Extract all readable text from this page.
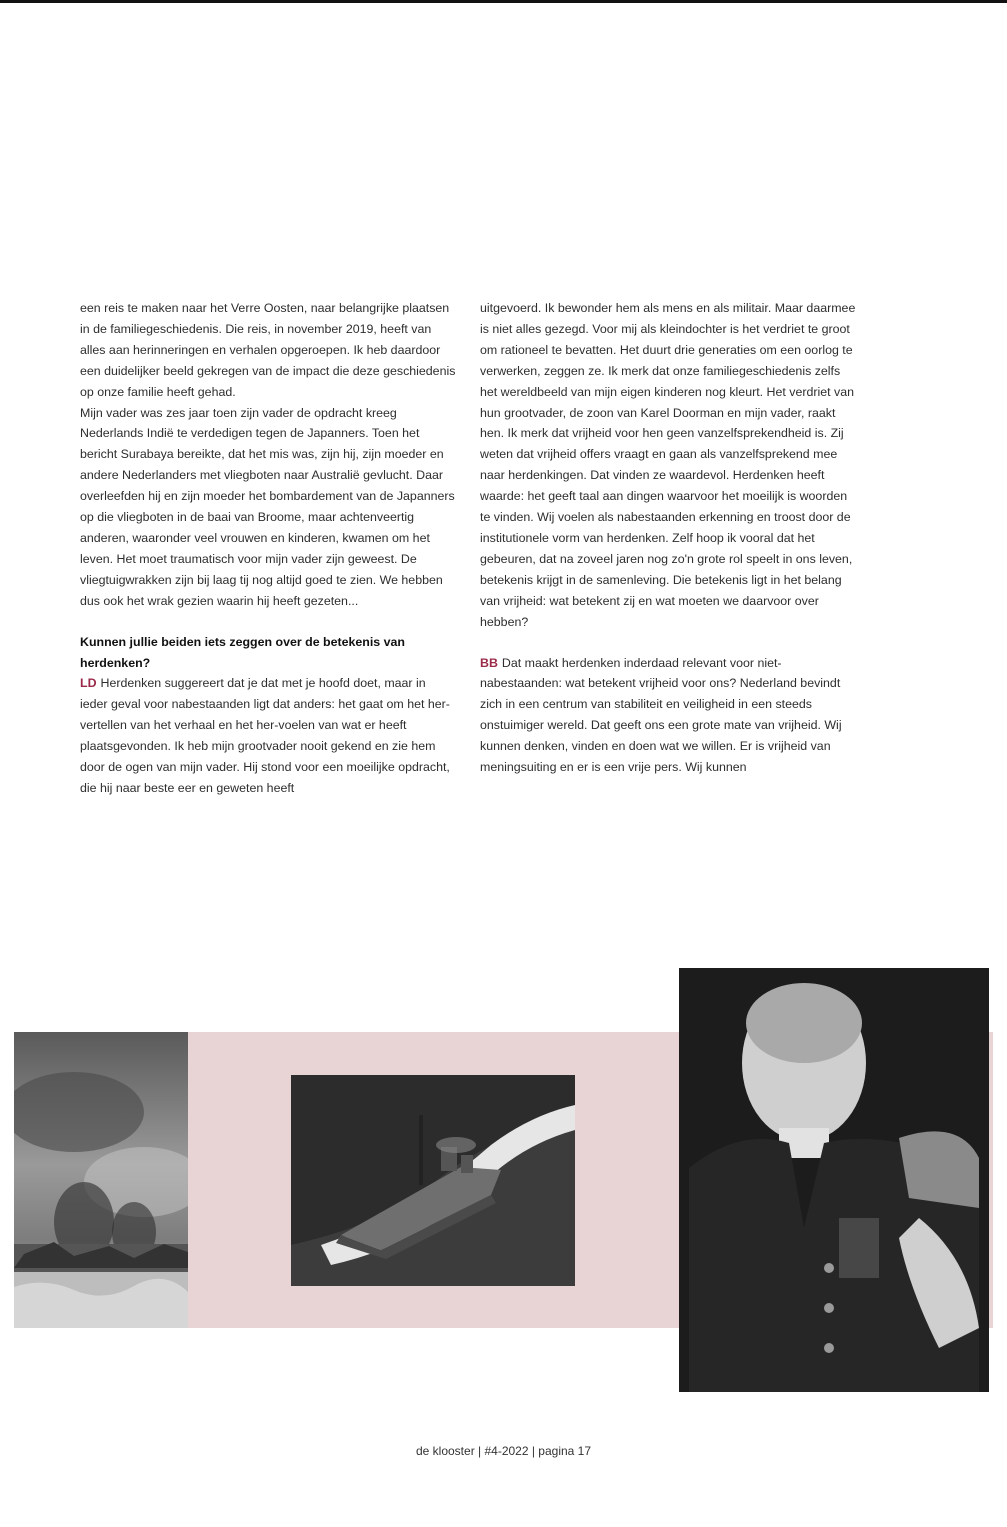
een reis te maken naar het Verre Oosten, naar belangrijke plaatsen in de familiegeschiedenis. Die reis, in november 2019, heeft van alles aan herinneringen en verhalen opgeroepen. Ik heb daardoor een duidelijker beeld gekregen van de impact die deze geschiedenis op onze familie heeft gehad.

Mijn vader was zes jaar toen zijn vader de opdracht kreeg Nederlands Indië te verdedigen tegen de Japanners. Toen het bericht Surabaya bereikte, dat het mis was, zijn hij, zijn moeder en andere Nederlanders met vliegboten naar Australië gevlucht. Daar overleefden hij en zijn moeder het bombardement van de Japanners op die vliegboten in de baai van Broome, maar achtenveertig anderen, waaronder veel vrouwen en kinderen, kwamen om het leven. Het moet traumatisch voor mijn vader zijn geweest. De vliegtuigwrakken zijn bij laag tij nog altijd goed te zien. We hebben dus ook het wrak gezien waarin hij heeft gezeten...

Kunnen jullie beiden iets zeggen over de betekenis van herdenken?

LD Herdenken suggereert dat je dat met je hoofd doet, maar in ieder geval voor nabestaanden ligt dat anders: het gaat om het her-vertellen van het verhaal en het her-voelen van wat er heeft plaatsgevonden. Ik heb mijn grootvader nooit gekend en zie hem door de ogen van mijn vader. Hij stond voor een moeilijke opdracht, die hij naar beste eer en geweten heeft

uitgevoerd. Ik bewonder hem als mens en als militair. Maar daarmee is niet alles gezegd. Voor mij als kleindochter is het verdriet te groot om rationeel te bevatten. Het duurt drie generaties om een oorlog te verwerken, zeggen ze. Ik merk dat onze familiegeschiedenis zelfs het wereldbeeld van mijn eigen kinderen nog kleurt. Het verdriet van hun grootvader, de zoon van Karel Doorman en mijn vader, raakt hen. Ik merk dat vrijheid voor hen geen vanzelfsprekendheid is. Zij weten dat vrijheid offers vraagt en gaan als vanzelfsprekend mee naar herdenkingen. Dat vinden ze waardevol. Herdenken heeft waarde: het geeft taal aan dingen waarvoor het moeilijk is woorden te vinden. Wij voelen als nabestaanden erkenning en troost door de institutionele vorm van herdenken. Zelf hoop ik vooral dat het gebeuren, dat na zoveel jaren nog zo'n grote rol speelt in ons leven, betekenis krijgt in de samenleving. Die betekenis ligt in het belang van vrijheid: wat betekent zij en wat moeten we daarvoor over hebben?

BB Dat maakt herdenken inderdaad relevant voor niet-nabestaanden: wat betekent vrijheid voor ons? Nederland bevindt zich in een centrum van stabiliteit en veiligheid in een steeds onstuimiger wereld. Dat geeft ons een grote mate van vrijheid. Wij kunnen denken, vinden en doen wat we willen. Er is vrijheid van meningsuiting en er is een vrije pers. Wij kunnen

de klooster | #4-2022 | pagina 17
